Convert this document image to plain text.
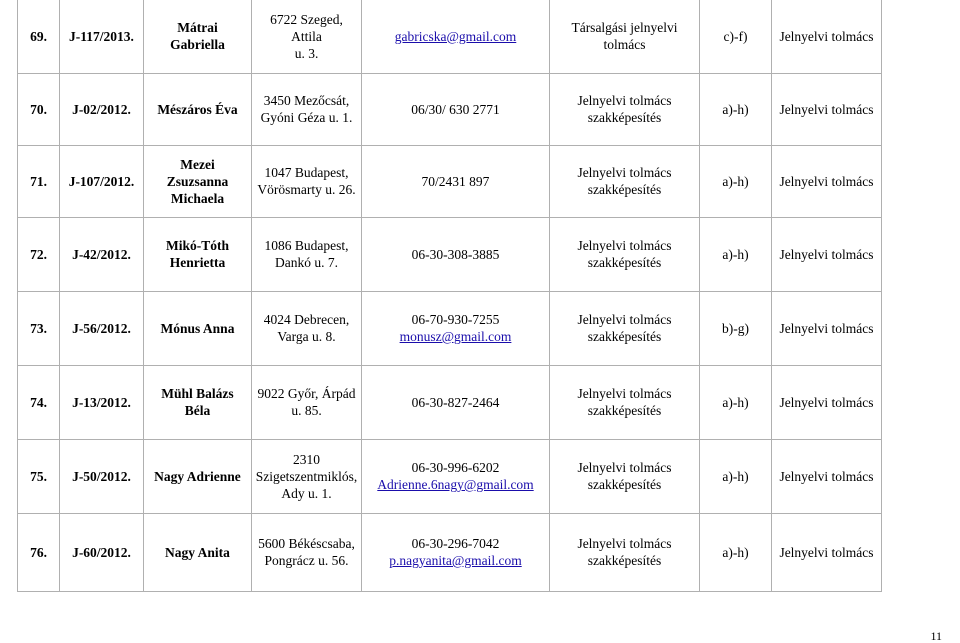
69.	J-117/2013.	Mátrai
Gabriella	6722 Szeged, Attila
u. 3.	gabricska@gmail.com	Társalgási jelnyelvi
tolmács	c)-f)	Jelnyelvi tolmács
70.	J-02/2012.	Mészáros Éva	3450 Mezőcsát,
Gyóni Géza u. 1.	06/30/ 630 2771	Jelnyelvi tolmács
szakképesítés	a)-h)	Jelnyelvi tolmács
71.	J-107/2012.	Mezei
Zsuzsanna
Michaela	1047 Budapest,
Vörösmarty u. 26.	70/2431 897	Jelnyelvi tolmács
szakképesítés	a)-h)	Jelnyelvi tolmács
72.	J-42/2012.	Mikó-Tóth
Henrietta	1086 Budapest,
Dankó u. 7.	06-30-308-3885	Jelnyelvi tolmács
szakképesítés	a)-h)	Jelnyelvi tolmács
73.	J-56/2012.	Mónus Anna	4024 Debrecen,
Varga u. 8.	06-70-930-7255
monusz@gmail.com	Jelnyelvi tolmács
szakképesítés	b)-g)	Jelnyelvi tolmács
74.	J-13/2012.	Mühl Balázs
Béla	9022 Győr, Árpád
u. 85.	06-30-827-2464	Jelnyelvi tolmács
szakképesítés	a)-h)	Jelnyelvi tolmács
75.	J-50/2012.	Nagy Adrienne	2310
Szigetszentmiklós,
Ady u. 1.	06-30-996-6202
Adrienne.6nagy@gmail.com	Jelnyelvi tolmács
szakképesítés	a)-h)	Jelnyelvi tolmács
76.	J-60/2012.	Nagy Anita	5600 Békéscsaba,
Pongrácz u. 56.	06-30-296-7042
p.nagyanita@gmail.com	Jelnyelvi tolmács
szakképesítés	a)-h)	Jelnyelvi tolmács
11
